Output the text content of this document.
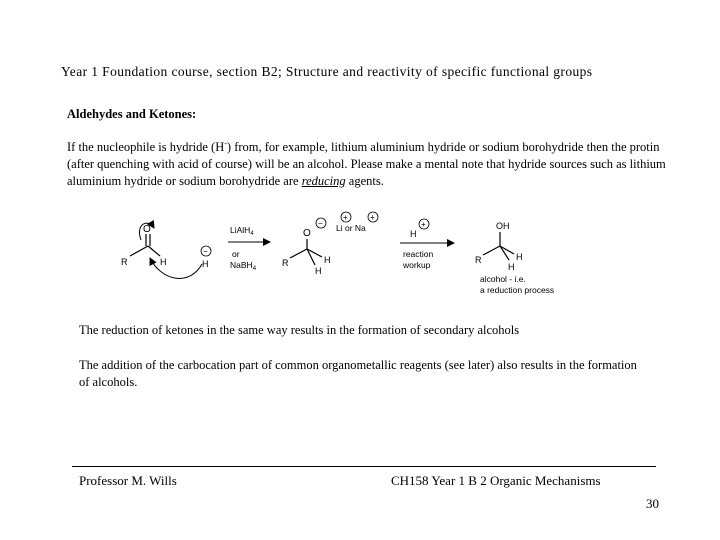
Year 1 Foundation course, section B2; Structure and reactivity of specific functional groups
Aldehydes and Ketones:
If the nucleophile is hydride (H-) from, for example, lithium aluminium hydride or sodium borohydride then the protin (after quenching with acid of course) will be an alcohol. Please make a mental note that hydride sources such as lithium aluminium hydride or sodium borohydride are reducing agents.
O
R	H
−
H
LiAlH$_4$
or
NaBH$_4$
O
−
R	H
H
+	+
Li or Na
H
+
reaction
workup
OH
R	H
H
alcohol - i.e.
a reduction process
The reduction of ketones in the same way results in the formation of secondary alcohols
The addition of the carbocation part of common organometallic reagents (see later) also results in the formation of alcohols.
Professor M. Wills	CH158 Year 1 B 2 Organic Mechanisms
30
